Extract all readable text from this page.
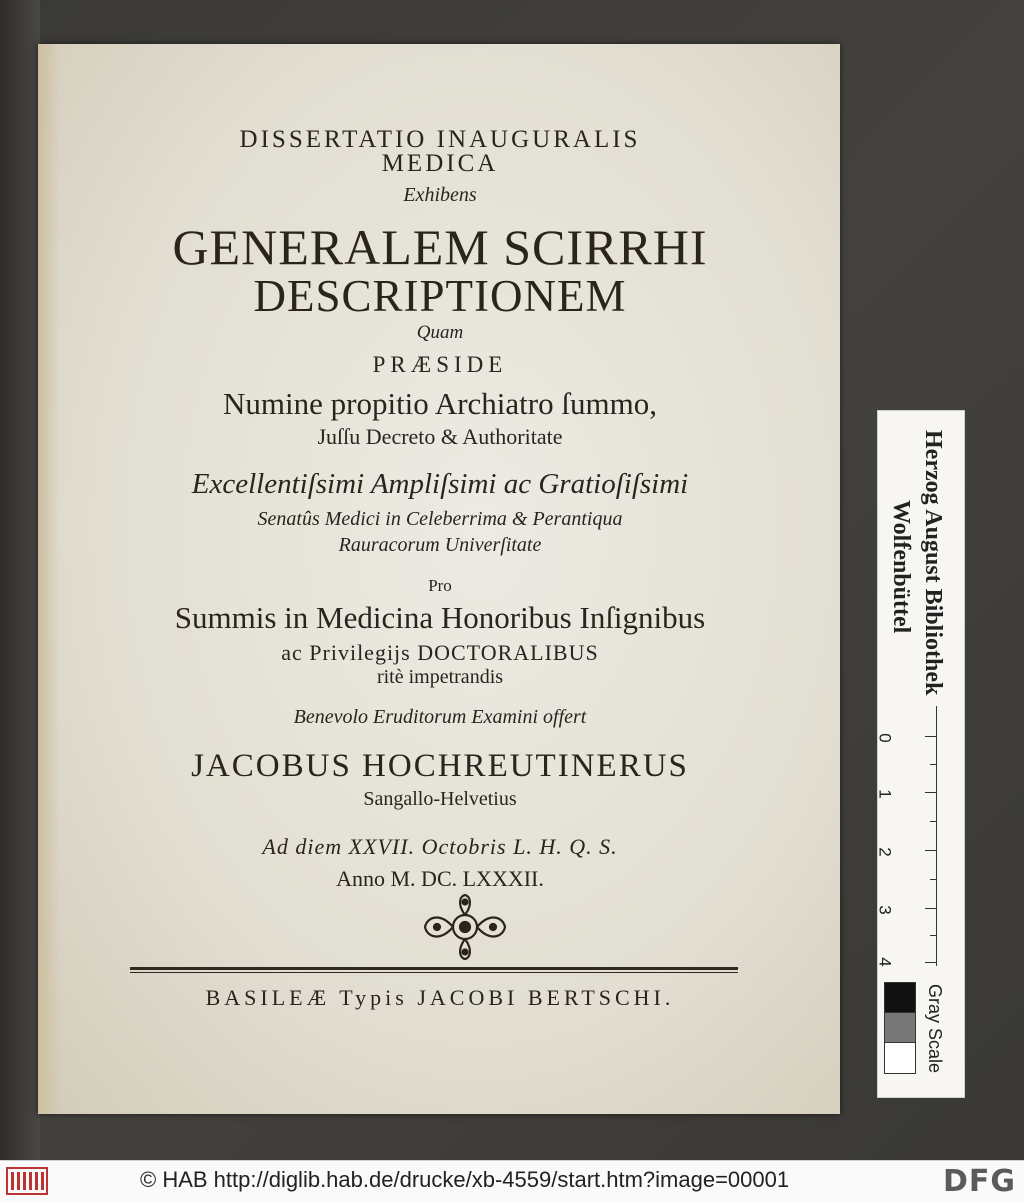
DISSERTATIO INAUGURALIS
MEDICA
Exhibens
GENERALEM SCIRRHI
DESCRIPTIONEM
Quam
PRÆSIDE
Numine propitio Archiatro ſummo,
Juſſu Decreto & Authoritate
Excellentiſsimi Ampliſsimi ac Gratioſiſsimi
Senatûs Medici in Celeberrima & Perantiqua
Rauracorum Univerſitate
Pro
Summis in Medicina Honoribus Inſignibus
ac Privilegijs DOCTORALIBUS
ritè impetrandis
Benevolo Eruditorum Examini offert
JACOBUS HOCHREUTINERUS
Sangallo-Helvetius
Ad diem XXVII. Octobris L. H. Q. S.
Anno M. DC. LXXXII.
BASILEÆ Typis JACOBI BERTSCHI.
Herzog August Bibliothek
Wolfenbüttel
0
1
2
3
4
Gray Scale
© HAB http://diglib.hab.de/drucke/xb-4559/start.htm?image=00001	DFG
